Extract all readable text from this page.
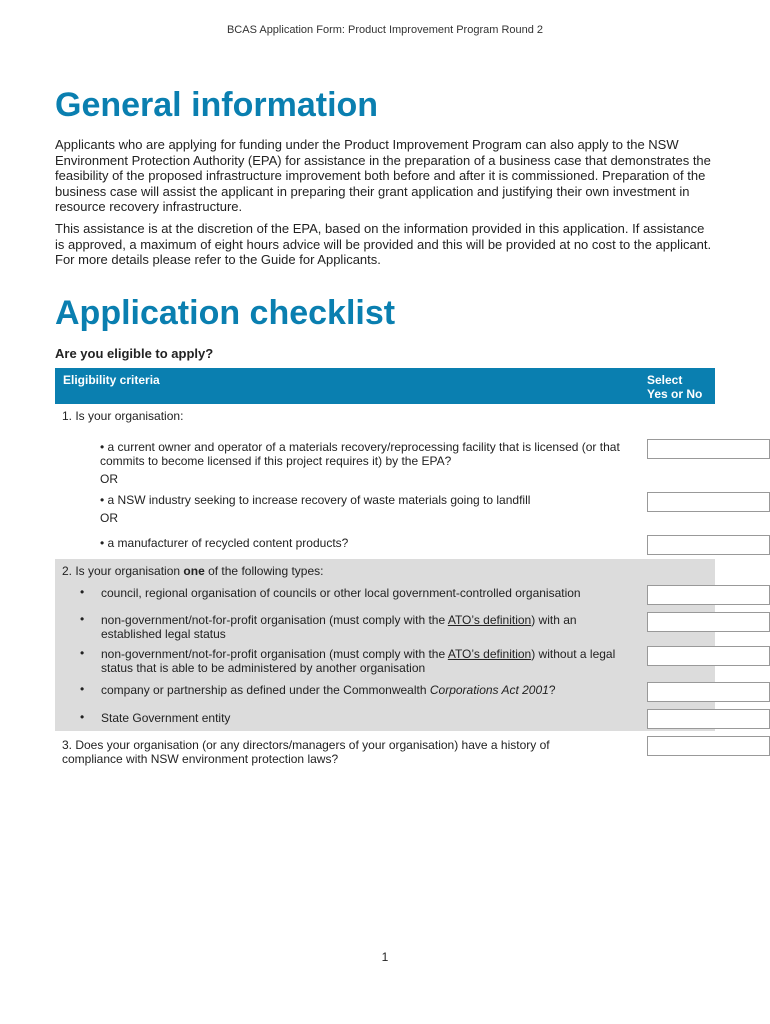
BCAS Application Form: Product Improvement Program Round 2
General information

Applicants who are applying for funding under the Product Improvement Program can also apply to the NSW Environment Protection Authority (EPA) for assistance in the preparation of a business case that demonstrates the feasibility of the proposed infrastructure improvement both before and after it is commissioned. Preparation of the business case will assist the applicant in preparing their grant application and justifying their own investment in resource recovery infrastructure.

This assistance is at the discretion of the EPA, based on the information provided in this application. If assistance is approved, a maximum of eight hours advice will be provided and this will be provided at no cost to the applicant. For more details please refer to the Guide for Applicants.

Application checklist

Are you eligible to apply?

Eligibility criteria	Select
Yes or No
1. Is your organisation:
• a current owner and operator of a materials recovery/reprocessing facility that is licensed (or that commits to become licensed if this project requires it) by the EPA?
OR
• a NSW industry seeking to increase recovery of waste materials going to landfill
OR
• a manufacturer of recycled content products?
2. Is your organisation one of the following types:
• council, regional organisation of councils or other local government-controlled organisation
• non-government/not-for-profit organisation (must comply with the ATO’s definition) with an established legal status
• non-government/not-for-profit organisation (must comply with the ATO’s definition) without a legal status that is able to be administered by another organisation
• company or partnership as defined under the Commonwealth Corporations Act 2001?
• State Government entity
3. Does your organisation (or any directors/managers of your organisation) have a history of compliance with NSW environment protection laws?
1
